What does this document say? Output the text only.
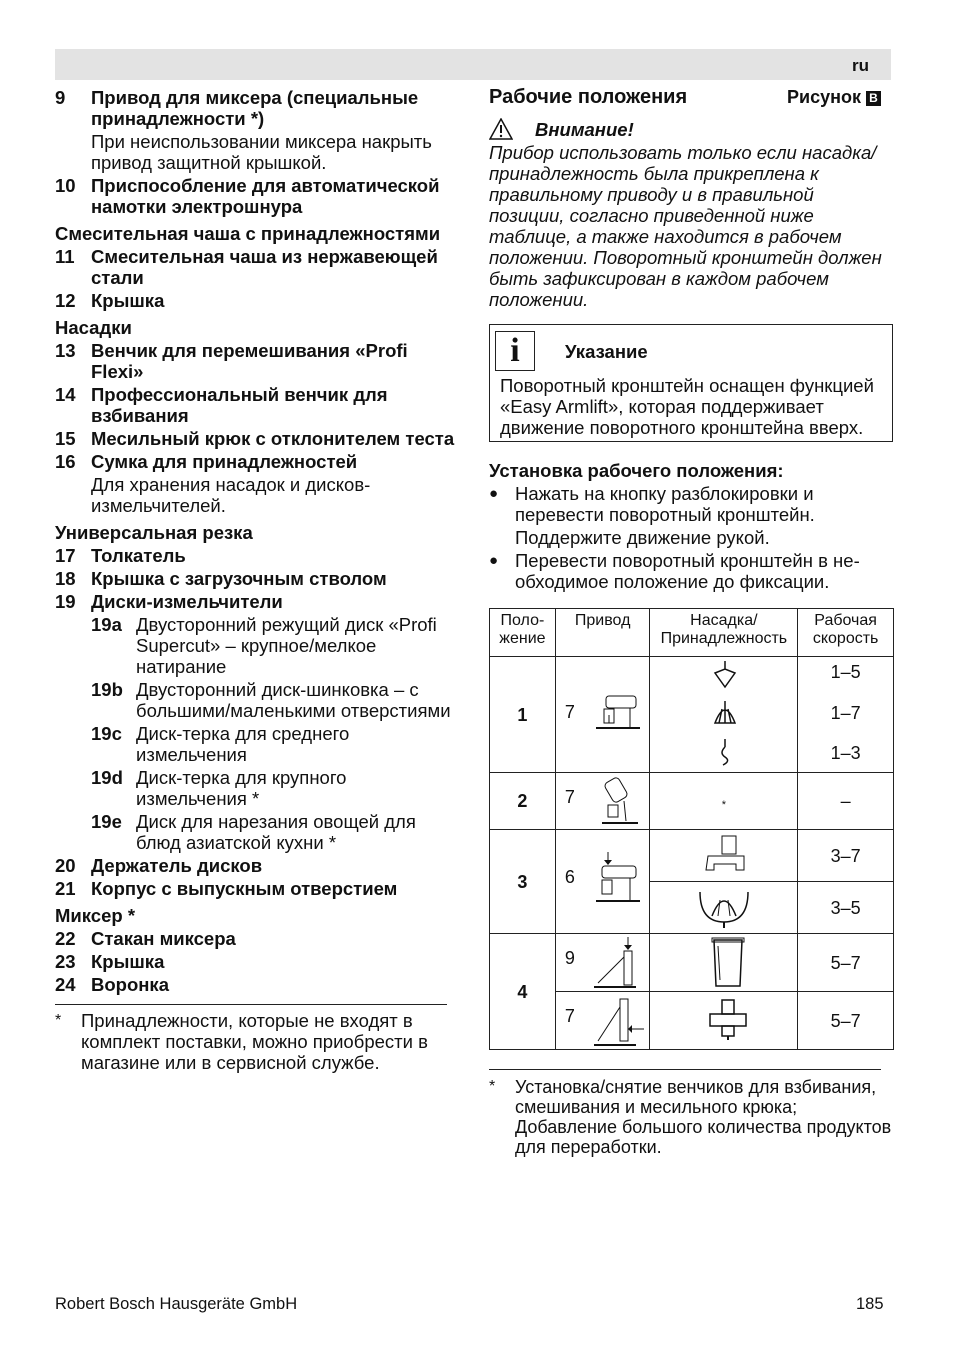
ru
9	Привод для миксера (специальные принадлежности *)
При неиспользовании миксера накрыть привод защитной крышкой.
10 Приспособление для автоматической намотки электрошнура
Смесительная чаша с принадлежностями
11 Смесительная чаша из нержавеющей стали
12 Крышка
Насадки
13 Венчик для перемешивания «Profi Flexi»
14 Профессиональный венчик для взбивания
15 Месильный крюк с отклонителем теста
16 Сумка для принадлежностей
Для хранения насадок и дисков-измельчителей.
Универсальная резка
17 Толкатель
18 Крышка с загрузочным стволом
19 Диски-измельчители
19a Двусторонний режущий диск «Profi Supercut» – крупное/мелкое натирание
19b Двусторонний диск-шинковка – с большими/маленькими отверстиями
19c Диск-терка для среднего измельчения
19d Диск-терка для крупного измельчения *
19e Диск для нарезания овощей для блюд азиатской кухни *
20 Держатель дисков
21 Корпус с выпускным отверстием
Миксер *
22 Стакан миксера
23 Крышка
24 Воронка
*	Принадлежности, которые не входят в комплект поставки, можно приобрести в магазине или в сервисной службе.
Рабочие положения	Рисунок B
Внимание!
Прибор использовать только если насадка/принадлежность была прикреплена к правильному приводу и в правильной позиции, согласно приведенной ниже таблице, а также находится в рабочем положении. Поворотный кронштейн должен быть зафиксирован в каждом рабочем положении.
i	Указание
Поворотный кронштейн оснащен функцией «Easy Armlift», которая поддерживает движение поворотного кронштейна вверх.
Установка рабочего положения:
● Нажать на кнопку разблокировки и перевести поворотный кронштейн.
Поддержите движение рукой.
● Перевести поворотный кронштейн в необходимое положение до фиксации.
Положение	Привод	Насадка/ Принадлежность	Рабочая скорость
1	7		1–5
1–7
1–3

2	7	*	–
3	6		3–7

	3–5
4	9		5–7

	7		5–7
*	Установка/снятие венчиков для взбивания, смешивания и месильного крюка; Добавление большого количества продуктов для переработки.
Robert Bosch Hausgeräte GmbH	185
